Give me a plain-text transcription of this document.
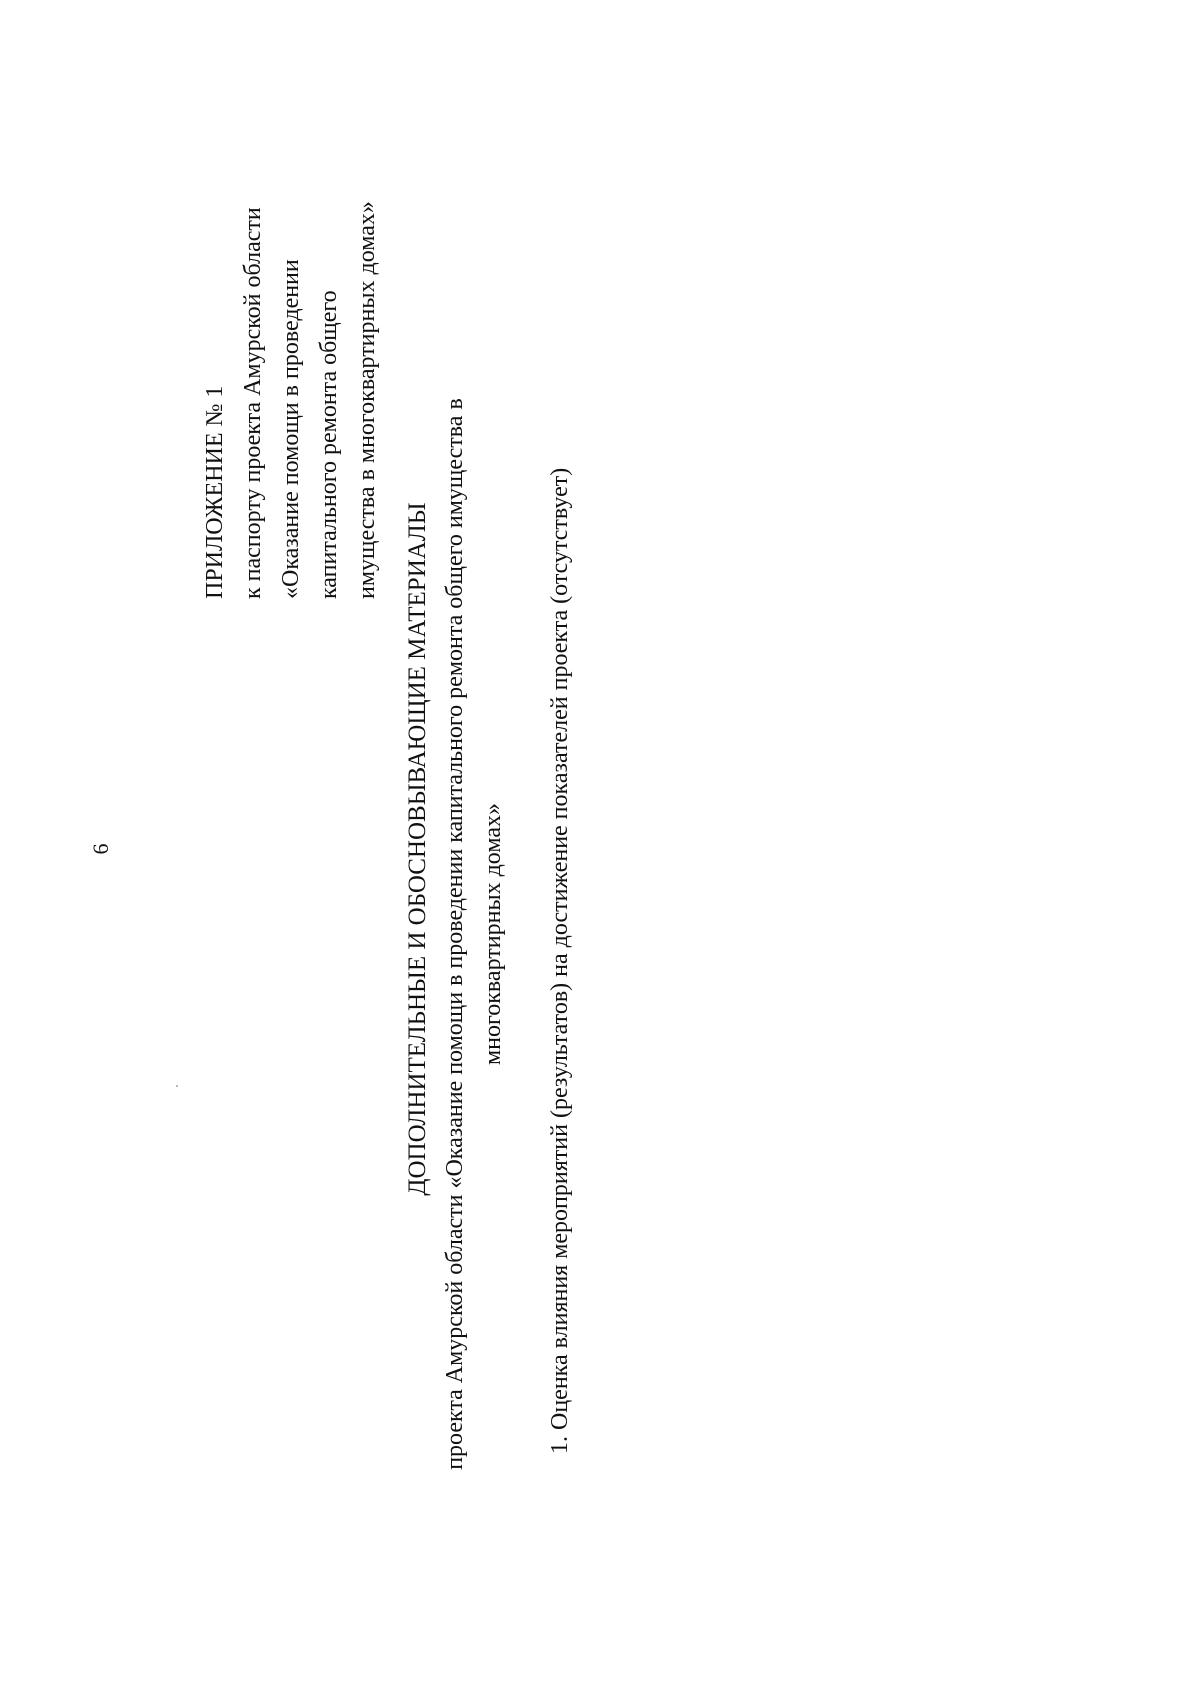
6
ПРИЛОЖЕНИЕ № 1 к паспорту проекта Амурской области «Оказание помощи в проведении капитального ремонта общего имущества в многоквартирных домах»
ДОПОЛНИТЕЛЬНЫЕ И ОБОСНОВЫВАЮЩИЕ МАТЕРИАЛЫ проекта Амурской области «Оказание помощи в проведении капитального ремонта общего имущества в многоквартирных домах» 1. Оценка влияния мероприятий (результатов) на достижение показателей проекта (отсутствует)
